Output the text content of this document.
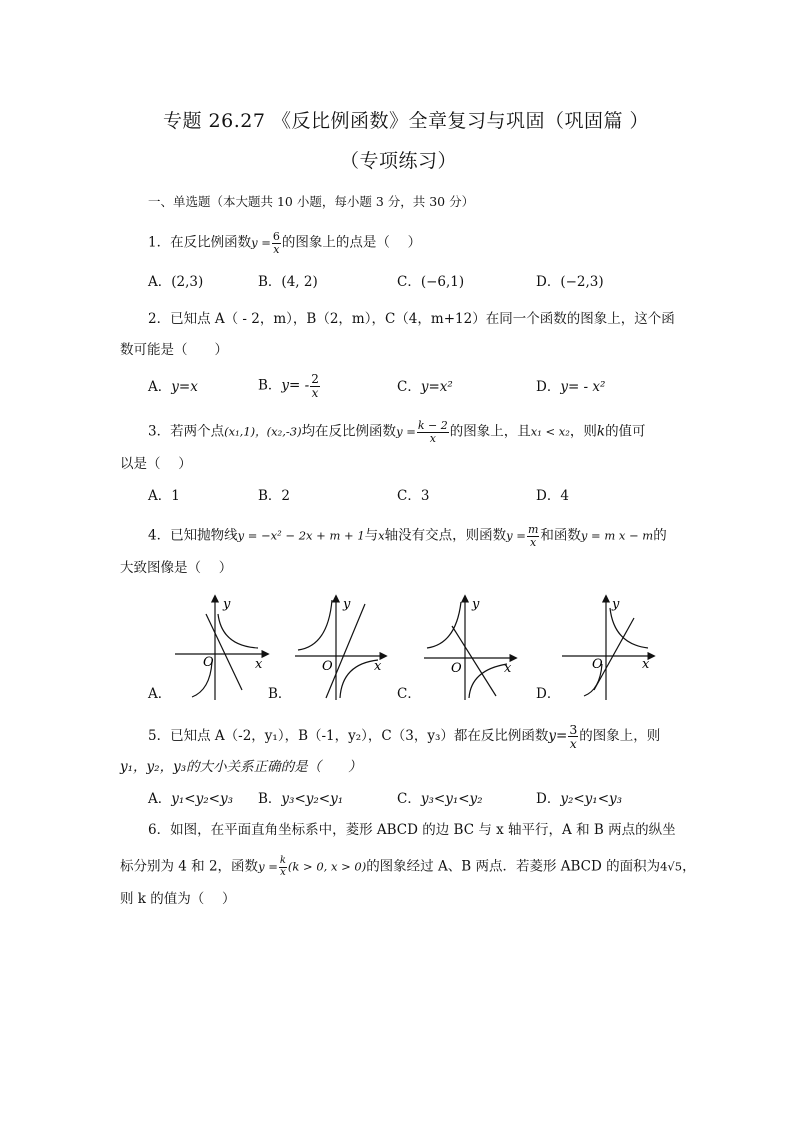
专题 26.27 《反比例函数》全章复习与巩固（巩固篇 ）
（专项练习）
一、单选题（本大题共 10 小题，每小题 3 分，共 30 分）
1．在反比例函数$y = \frac{6}{x}$ 的图象上的点是（　 ）
A．(2,3)	B．(4, 2)	C．(−6,1)	D．(−2,3)
2．已知点 A（ - 2，m），B（2，m），C（4，m+12）在同一个函数的图象上，这个函
数可能是（　　）
A．y=x	B．$y= - \frac{2}{x}$	C．y=x²	D．y= - x²
3．若两个点(x₁,1)，(x₂,-3)均在反比例函数$y = \frac{k - 2}{x}$ 的图象上，且x₁ < x₂，则k的值可
以是（　 ）
A．1	B．2	C．3	D．4
4．已知抛物线y = −x² − 2x + m + 1与x轴没有交点，则函数$y = \frac{m}{x}$ 和函数y = m x − m的
大致图像是（　 ）
y
x
O
y
x
O
y
x
O
y
x
O
A．	B．	C．	D．
5．已知点 A（-2，y₁），B（-1，y₂），C（3，y₃）都在反比例函数$y= \frac{3}{x}$ 的图象上，则
y₁，y₂，y₃的大小关系正确的是（　　）
A．y₁<y₂<y₃ B．y₃<y₂<y₁	C．y₃<y₁<y₂	D．y₂<y₁<y₃
6．如图，在平面直角坐标系中，菱形 ABCD 的边 BC 与 x 轴平行，A 和 B 两点的纵坐
标分别为 4 和 2，函数$y = \frac{k}{x} (k > 0$, x > 0)的图象经过 A、B 两点．若菱形 ABCD 的面积为4√5，
则 k 的值为（　 ）
